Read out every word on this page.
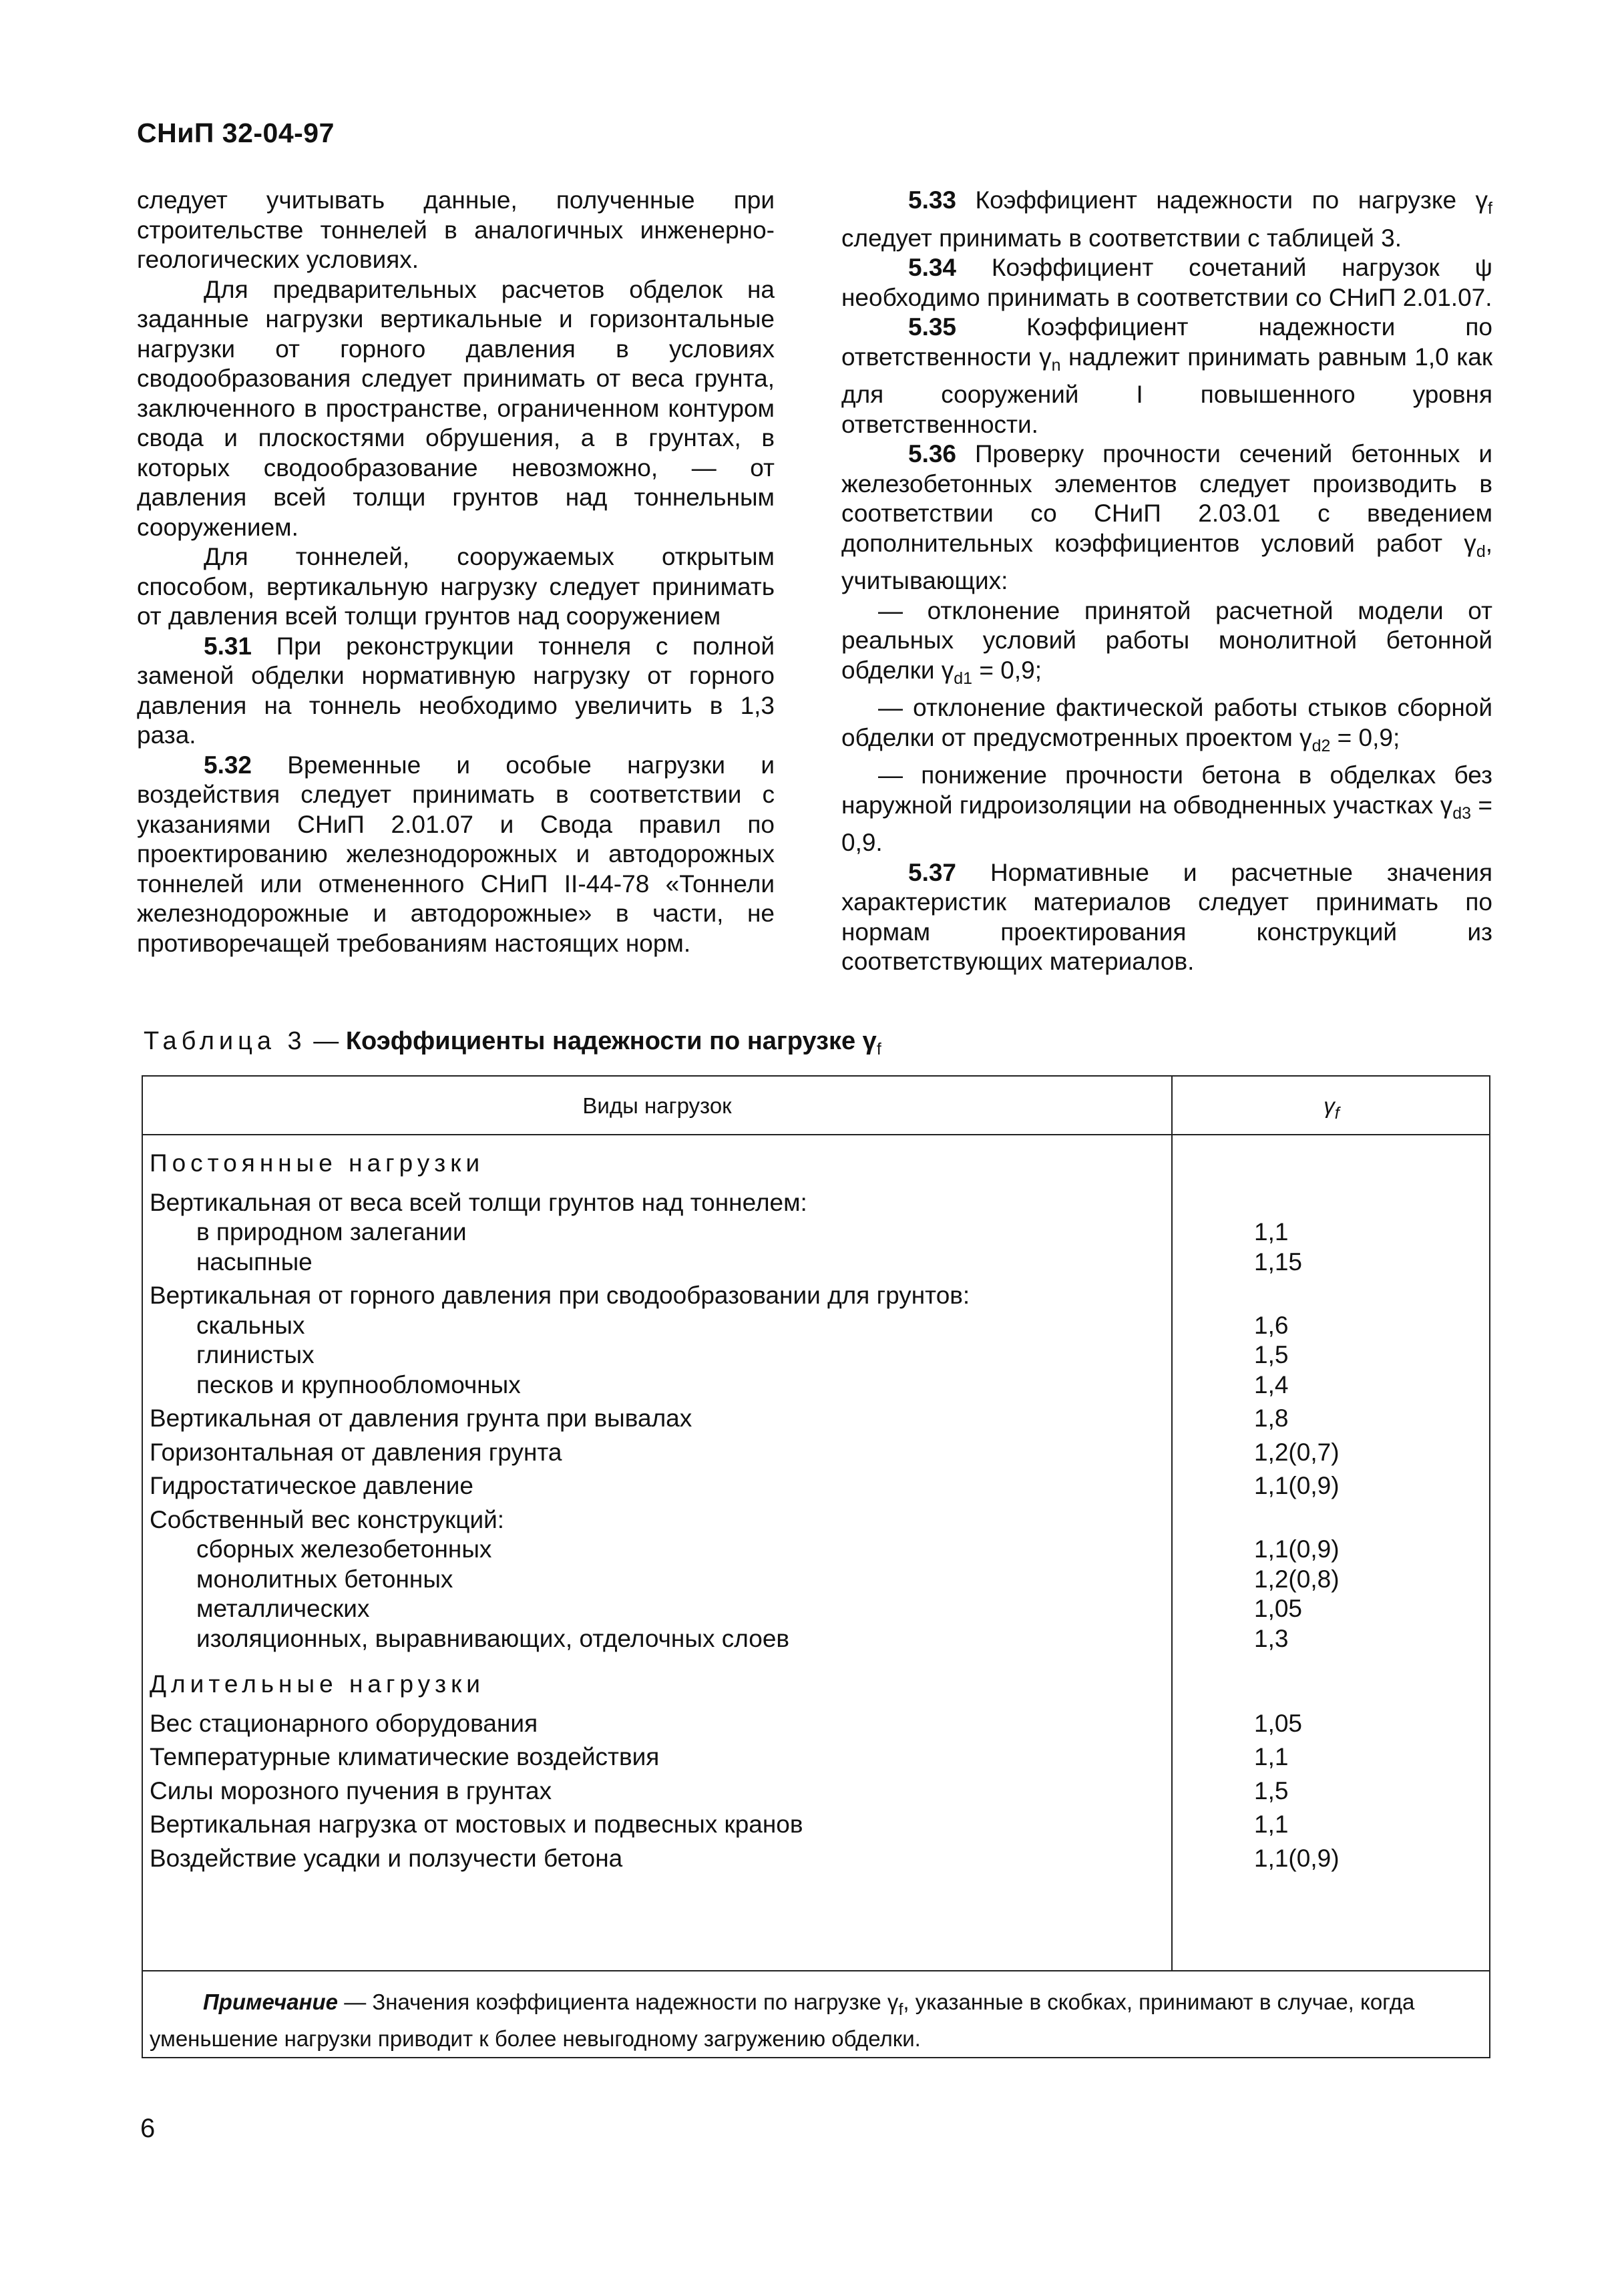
СНиП 32-04-97

следует учитывать данные, полученные при строительстве тоннелей в аналогичных инженерно-геологических условиях.

Для предварительных расчетов обделок на заданные нагрузки вертикальные и горизонтальные нагрузки от горного давления в условиях сводообразования следует принимать от веса грунта, заключенного в пространстве, ограниченном контуром свода и плоскостями обрушения, а в грунтах, в которых сводообразование невозможно, — от давления всей толщи грунтов над тоннельным сооружением.

Для тоннелей, сооружаемых открытым способом, вертикальную нагрузку следует принимать от давления всей толщи грунтов над сооружением

5.31 При реконструкции тоннеля с полной заменой обделки нормативную нагрузку от горного давления на тоннель необходимо увеличить в 1,3 раза.

5.32 Временные и особые нагрузки и воздействия следует принимать в соответствии с указаниями СНиП 2.01.07 и Свода правил по проектированию железнодорожных и автодорожных тоннелей или отмененного СНиП II-44-78 «Тоннели железнодорожные и автодорожные» в части, не противоречащей требованиям настоящих норм.

5.33 Коэффициент надежности по нагрузке $\gamma_f$ следует принимать в соответствии с таблицей 3.

5.34 Коэффициент сочетаний нагрузок ψ необходимо принимать в соответствии со СНиП 2.01.07.

5.35 Коэффициент надежности по ответственности $\gamma_n$ надлежит принимать равным 1,0 как для сооружений I повышенного уровня ответственности.

5.36 Проверку прочности сечений бетонных и железобетонных элементов следует производить в соответствии со СНиП 2.03.01 с введением дополнительных коэффициентов условий работ $\gamma_d$, учитывающих:

— отклонение принятой расчетной модели от реальных условий работы монолитной бетонной обделки $\gamma_{d1} = 0,9$;

— отклонение фактической работы стыков сборной обделки от предусмотренных проектом $\gamma_{d2} = 0,9$;

— понижение прочности бетона в обделках без наружной гидроизоляции на обводненных участках $\gamma_{d3} = 0,9$.

5.37 Нормативные и расчетные значения характеристик материалов следует принимать по нормам проектирования конструкций из соответствующих материалов.

Таблица 3 — Коэффициенты надежности по нагрузке $\gamma_f$
Виды нагрузок	$\gamma_f$
Постоянные нагрузки
Вертикальная от веса всей толщи грунтов над тоннелем:
в природном залегании	1,1
насыпные	1,15
Вертикальная от горного давления при сводообразовании для грунтов:
скальных	1,6
глинистых	1,5
песков и крупнообломочных	1,4
Вертикальная от давления грунта при вывалах	1,8
Горизонтальная от давления грунта	1,2(0,7)
Гидростатическое давление	1,1(0,9)
Собственный вес конструкций:
сборных железобетонных	1,1(0,9)
монолитных бетонных	1,2(0,8)
металлических	1,05
изоляционных, выравнивающих, отделочных слоев	1,3
Длительные нагрузки
Вес стационарного оборудования	1,05
Температурные климатические воздействия	1,1
Силы морозного пучения в грунтах	1,5
Вертикальная нагрузка от мостовых и подвесных кранов	1,1
Воздействие усадки и ползучести бетона	1,1(0,9)
Примечание — Значения коэффициента надежности по нагрузке $\gamma_f$, указанные в скобках, принимают в случае, когда уменьшение нагрузки приводит к более невыгодному загружению обделки.
6
